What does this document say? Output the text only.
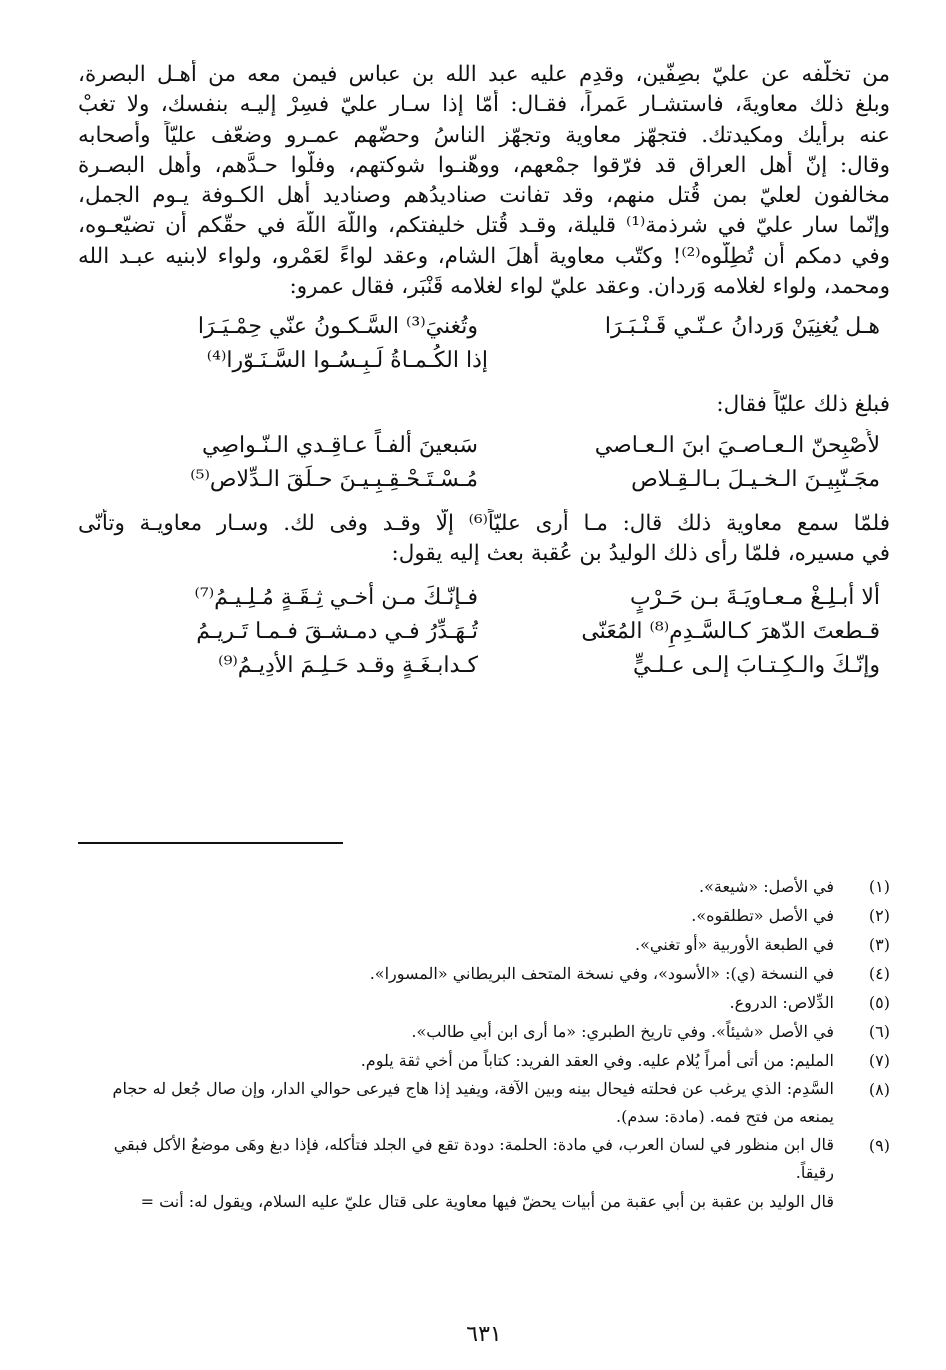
من تخلّفه عن عليّ بصِفّين، وقدِم عليه عبد الله بن عباس فيمن معه من أهـل البصرة،
وبلغ ذلك معاويةَ، فاستشـار عَمراً، فقـال: أمّا إذا سـار عليّ فسِرْ إليـه بنفسك، ولا تغبْ
عنه برأيك ومكيدتك. فتجهّز معاوية وتجهّز الناسُ وحضّهم عمـرو وضعّف عليّاً وأصحابه
وقال: إنّ أهل العراق قد فرّقوا جمْعهم، ووهّنـوا شوكتهم، وفلّوا حـدَّهم، وأهل البصـرة
مخالفون لعليّ بمن قُتل منهم، وقد تفانت صناديدُهم وصناديد أهل الكـوفة يـوم الجمل،
وإنّما سار عليّ في شرذمة⁽¹⁾ قليلة، وقـد قُتل خليفتكم، واللّهَ اللّهَ في حقّكم أن تضيّعـوه،
وفي دمكم أن تُطِلّوه⁽²⁾! وكتّب معاوية أهلَ الشام، وعقد لواءً لعَمْرو، ولواء لابنيه عبـد الله
ومحمد، ولواء لغلامه وَردان. وعقد عليّ لواء لغلامه قَنْبَر، فقال عمرو:
هـل يُغنِيَنْ وَردانُ عـنّـي قَـنْـبَـرَا
وتُغنيَ⁽³⁾ السَّـكـونُ عنّي حِمْـيَـرَا
إذا الكُـمـاةُ لَـبِـسُـوا السَّـنَـوّرا⁽⁴⁾
فبلغ ذلك عليّاً فقال:
لأُصْبِحنّ الـعـاصـيَ ابنَ الـعـاصي
سَبعينَ ألفـاً عـاقِـدي الـنّـواصِي
مجَـنّبِيـنَ الـخـيـلَ بـالـقِـلاص
مُـسْـتَـحْـقِـبِـيـنَ حـلَقَ الـدِّلاص⁽⁵⁾
فلمّا سمع معاوية ذلك قال: مـا أرى عليّاً⁽⁶⁾ إلّا وقـد وفى لك. وسـار معاويـة وتأنّى
في مسيره، فلمّا رأى ذلك الوليدُ بن عُقبة بعث إليه يقول:
ألا أبـلِـغْ مـعـاويَـةَ بـن حَـرْبٍ
فـإنّـكَ مـن أخـي ثِـقَـةٍ مُـلِـيـمُ⁽⁷⁾
قـطعتَ الدّهرَ كـالسَّـدِمِ⁽⁸⁾ المُعَنّى
تُـهَـدِّرُ فـي دمـشـقَ فـمـا تَـريـمُ
وإنّـكَ والـكِـتـابَ إلـى عـلـيٍّ
كـدابـغَـةٍ وقـد حَـلِـمَ الأدِيـمُ⁽⁹⁾
(١)
في الأصل: «شيعة».
(٢)
في الأصل «تطلقوه».
(٣)
في الطبعة الأوربية «أو تغني».
(٤)
في النسخة (ي): «الأسود»، وفي نسخة المتحف البريطاني «المسورا».
(٥)
الدِّلاص: الدروع.
(٦)
في الأصل «شيئاً». وفي تاريخ الطبري: «ما أرى ابن أبي طالب».
(٧)
المليم: من أتى أمراً يُلام عليه. وفي العقد الفريد: كتاباً من أخي ثقة يلوم.
(٨)
السَّدِم: الذي يرغب عن فحلته فيحال بينه وبين الآفة، ويفيد إذا هاج فيرعى حوالي الدار، وإن صال جُعل له حجام يمنعه من فتح فمه. (مادة: سدم).
(٩)
قال ابن منظور في لسان العرب، في مادة: الحلمة: دودة تقع في الجلد فتأكله، فإذا دبغ وهَى موضعُ الأكل فبقي رقيقاً.
قال الوليد بن عقبة بن أبي عقبة من أبيات يحضّ فيها معاوية على قتال عليّ عليه السلام، ويقول له: أنت =
٦٣١
